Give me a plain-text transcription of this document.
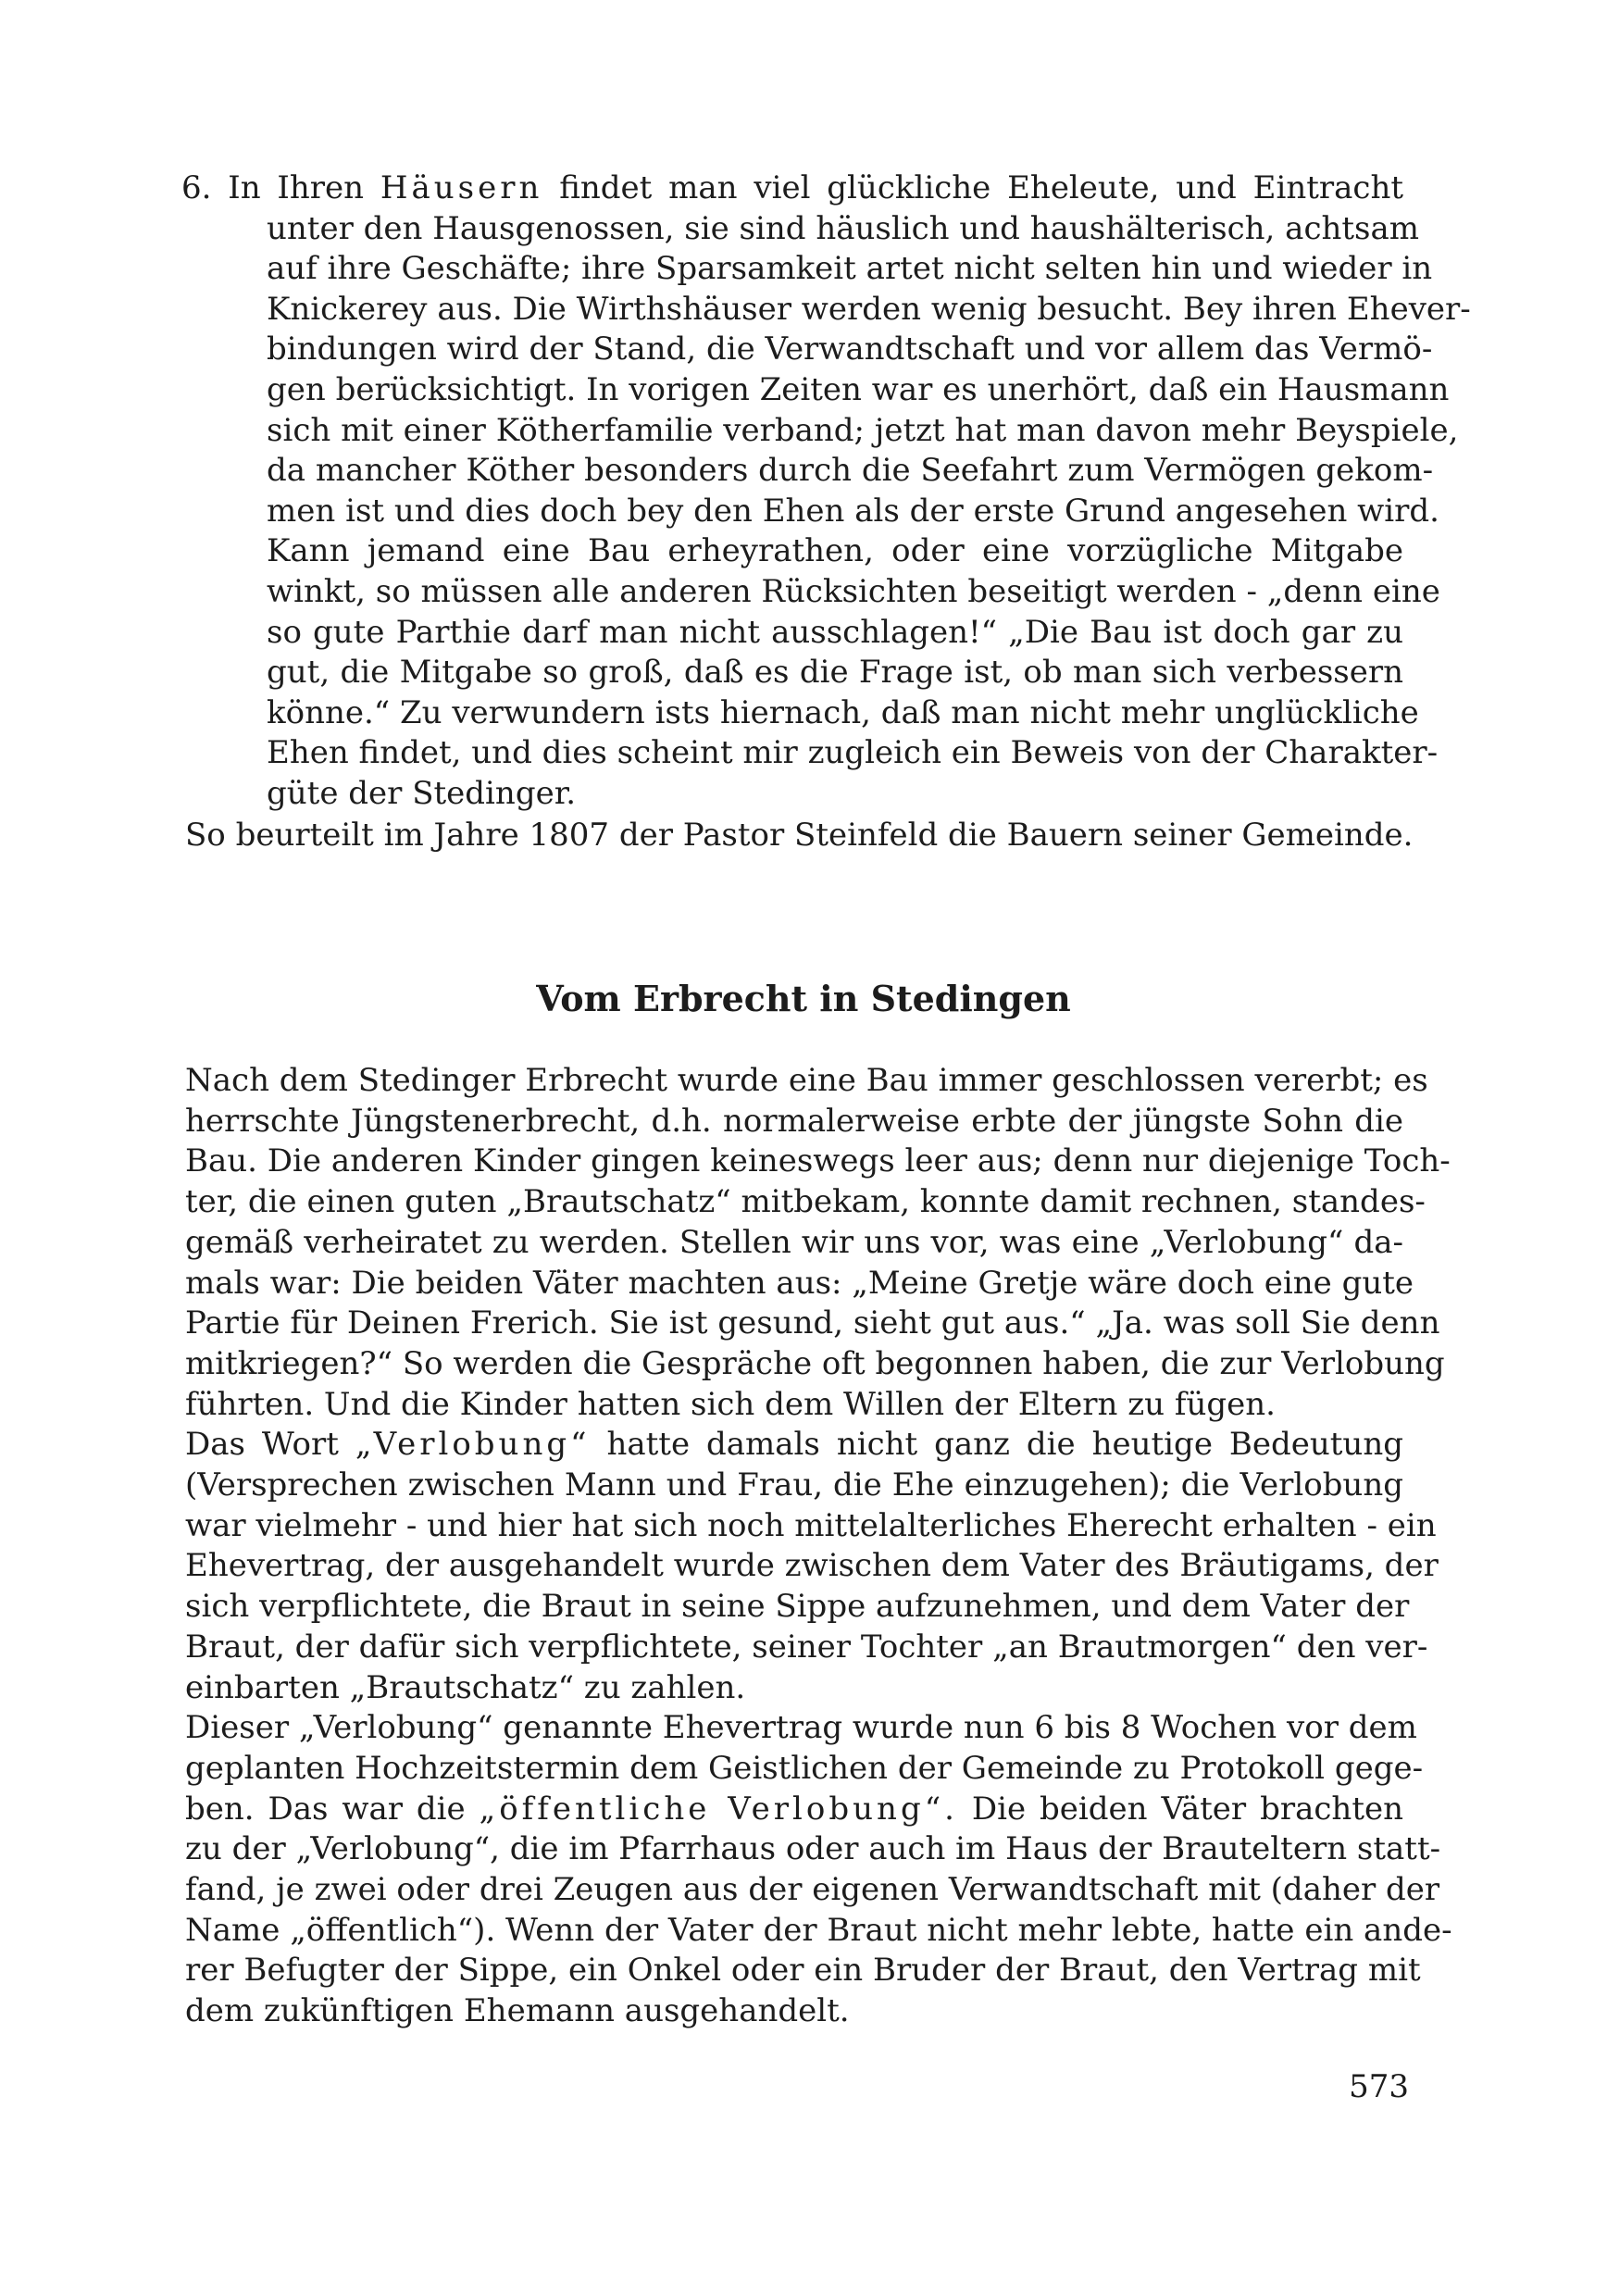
6. In Ihren Häusern findet man viel glückliche Eheleute, und Eintracht
unter den Hausgenossen, sie sind häuslich und haushälterisch, achtsam
auf ihre Geschäfte; ihre Sparsamkeit artet nicht selten hin und wieder in
Knickerey aus. Die Wirthshäuser werden wenig besucht. Bey ihren Ehever-
bindungen wird der Stand, die Verwandtschaft und vor allem das Vermö-
gen berücksichtigt. In vorigen Zeiten war es unerhört, daß ein Hausmann
sich mit einer Kötherfamilie verband; jetzt hat man davon mehr Beyspiele,
da mancher Köther besonders durch die Seefahrt zum Vermögen gekom-
men ist und dies doch bey den Ehen als der erste Grund angesehen wird.
Kann jemand eine Bau erheyrathen, oder eine vorzügliche Mitgabe
winkt, so müssen alle anderen Rücksichten beseitigt werden - „denn eine
so gute Parthie darf man nicht ausschlagen!“ „Die Bau ist doch gar zu
gut, die Mitgabe so groß, daß es die Frage ist, ob man sich verbessern
könne.“ Zu verwundern ists hiernach, daß man nicht mehr unglückliche
Ehen findet, und dies scheint mir zugleich ein Beweis von der Charakter-
güte der Stedinger.
So beurteilt im Jahre 1807 der Pastor Steinfeld die Bauern seiner Gemeinde.
Vom Erbrecht in Stedingen
Nach dem Stedinger Erbrecht wurde eine Bau immer geschlossen vererbt; es
herrschte Jüngstenerbrecht, d.h. normalerweise erbte der jüngste Sohn die
Bau. Die anderen Kinder gingen keineswegs leer aus; denn nur diejenige Toch-
ter, die einen guten „Brautschatz“ mitbekam, konnte damit rechnen, standes-
gemäß verheiratet zu werden. Stellen wir uns vor, was eine „Verlobung“ da-
mals war: Die beiden Väter machten aus: „Meine Gretje wäre doch eine gute
Partie für Deinen Frerich. Sie ist gesund, sieht gut aus.“ „Ja. was soll Sie denn
mitkriegen?“ So werden die Gespräche oft begonnen haben, die zur Verlobung
führten. Und die Kinder hatten sich dem Willen der Eltern zu fügen.
Das Wort „Verlobung“ hatte damals nicht ganz die heutige Bedeutung
(Versprechen zwischen Mann und Frau, die Ehe einzugehen); die Verlobung
war vielmehr - und hier hat sich noch mittelalterliches Eherecht erhalten - ein
Ehevertrag, der ausgehandelt wurde zwischen dem Vater des Bräutigams, der
sich verpflichtete, die Braut in seine Sippe aufzunehmen, und dem Vater der
Braut, der dafür sich verpflichtete, seiner Tochter „an Brautmorgen“ den ver-
einbarten „Brautschatz“ zu zahlen.
Dieser „Verlobung“ genannte Ehevertrag wurde nun 6 bis 8 Wochen vor dem
geplanten Hochzeitstermin dem Geistlichen der Gemeinde zu Protokoll gege-
ben. Das war die „öffentliche Verlobung“. Die beiden Väter brachten
zu der „Verlobung“, die im Pfarrhaus oder auch im Haus der Brauteltern statt-
fand, je zwei oder drei Zeugen aus der eigenen Verwandtschaft mit (daher der
Name „öffentlich“). Wenn der Vater der Braut nicht mehr lebte, hatte ein ande-
rer Befugter der Sippe, ein Onkel oder ein Bruder der Braut, den Vertrag mit
dem zukünftigen Ehemann ausgehandelt.
573
